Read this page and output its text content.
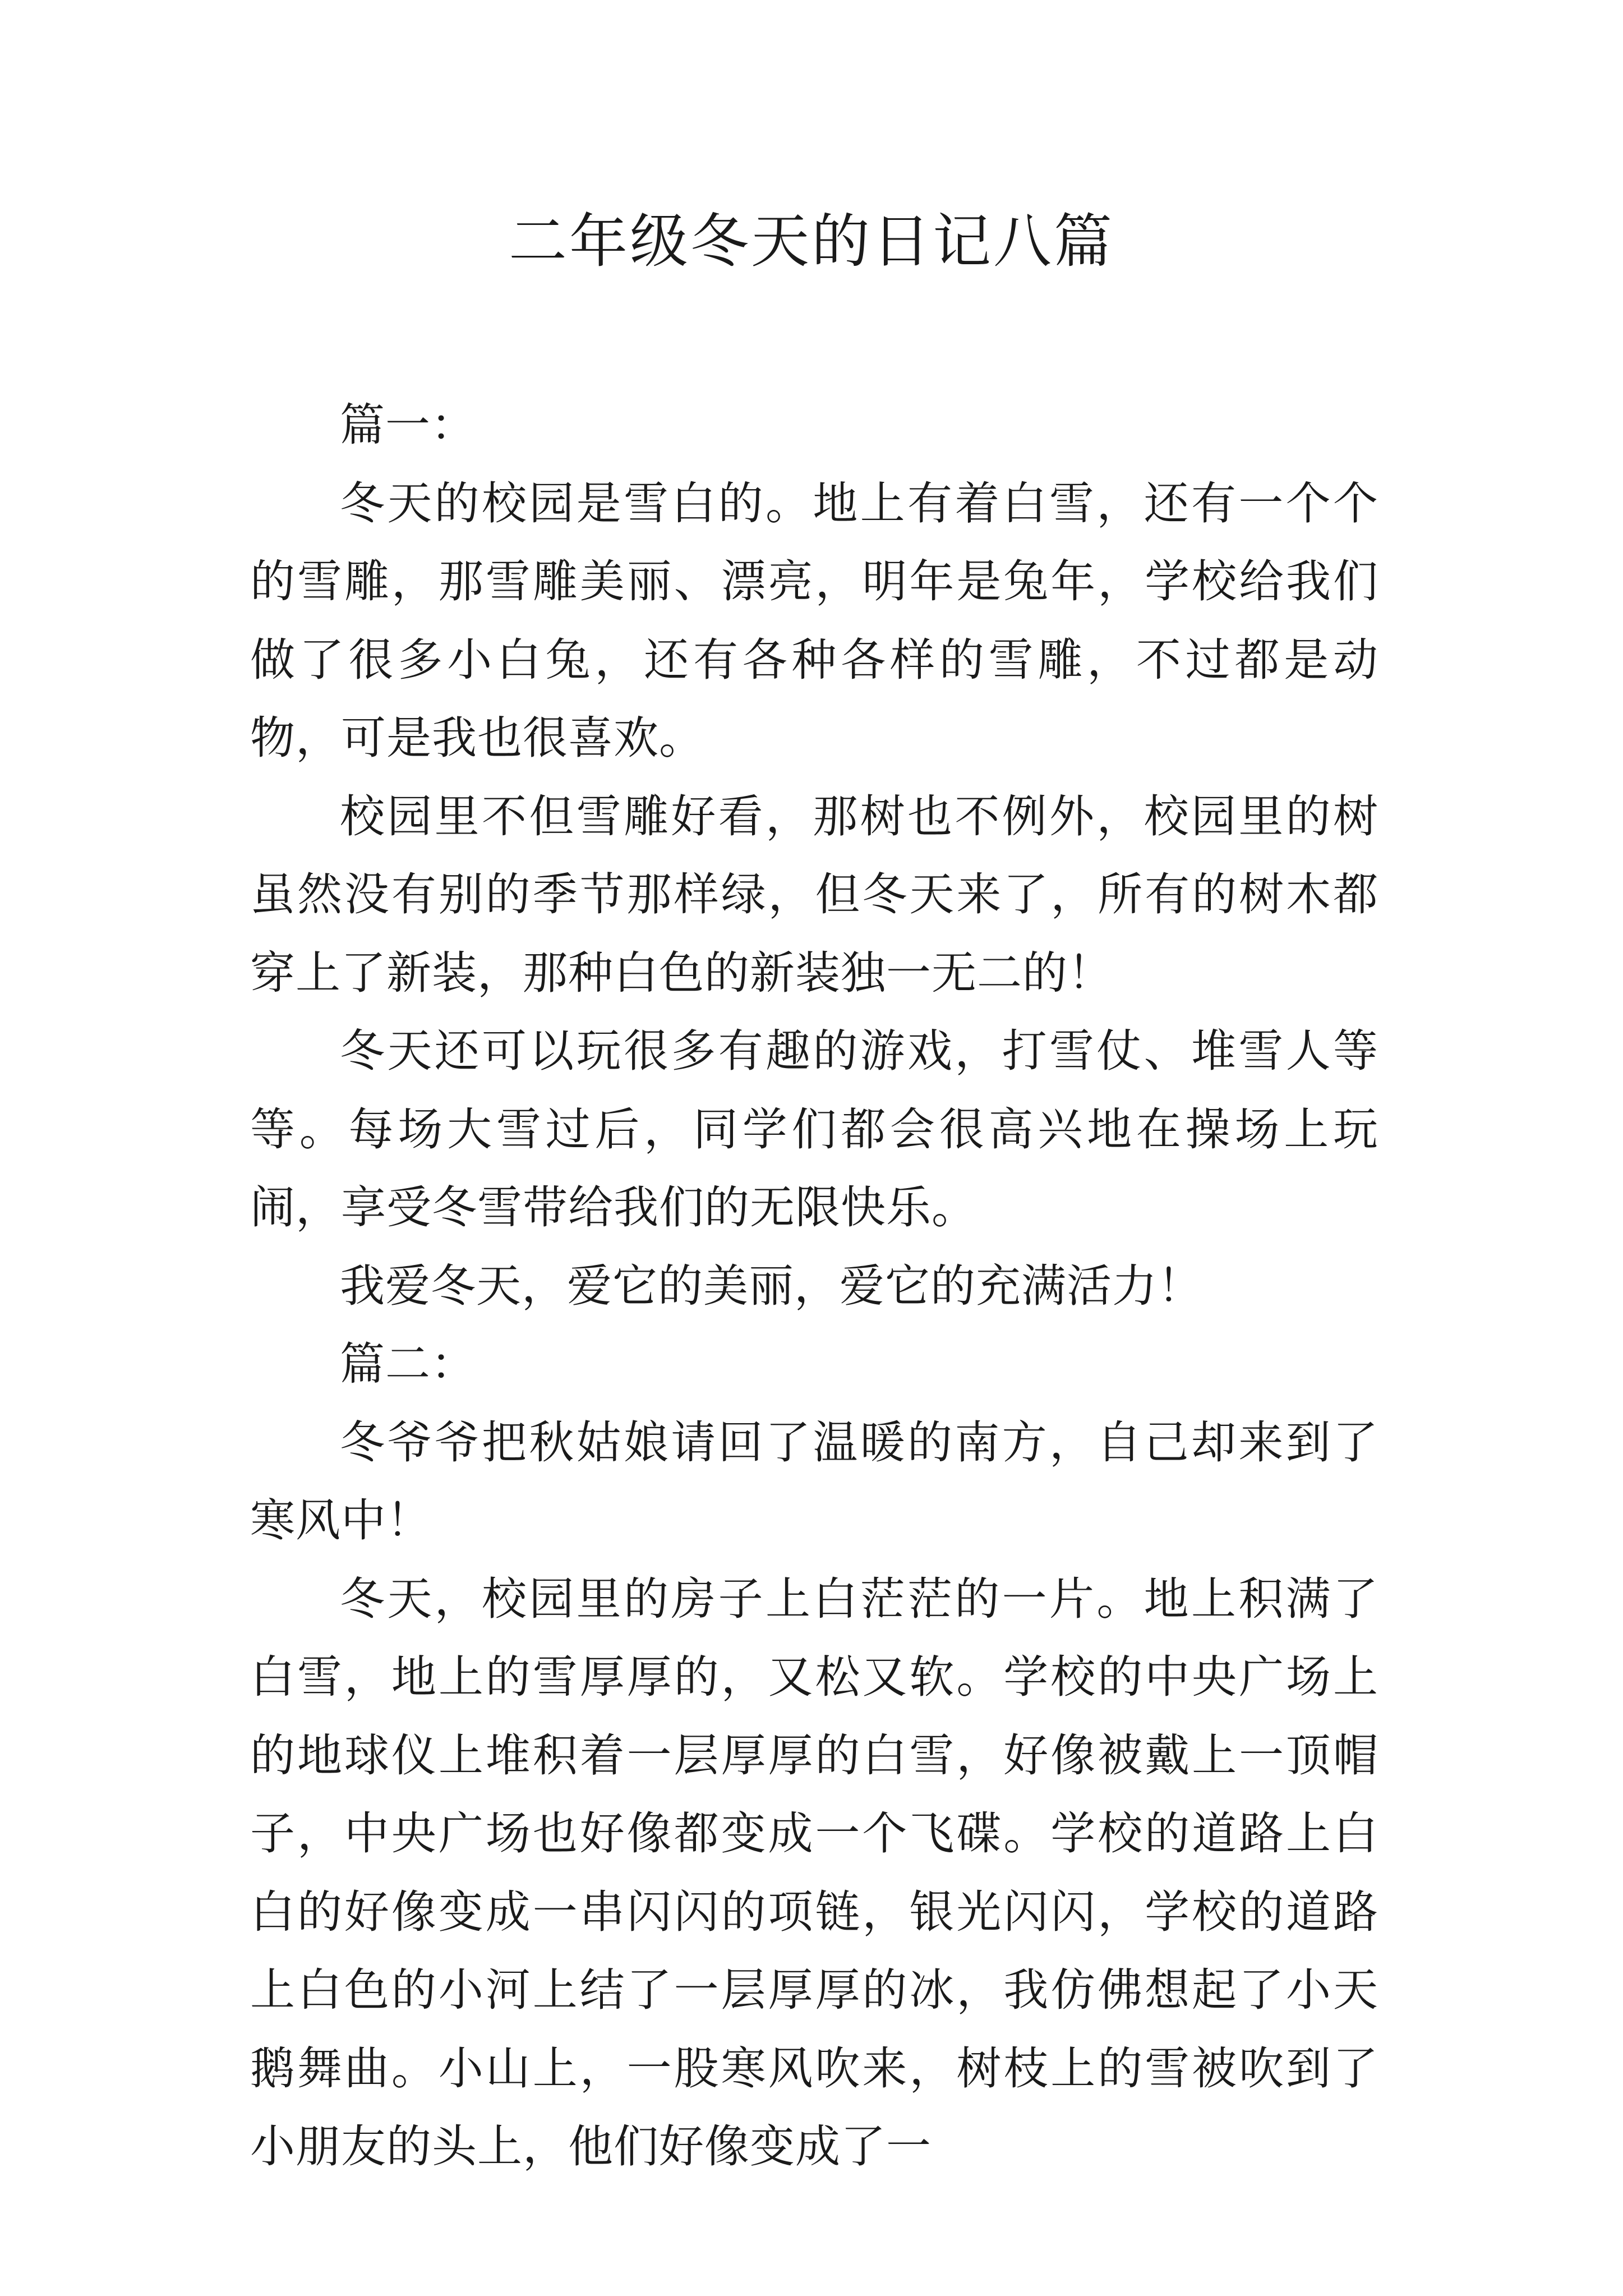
二年级冬天的日记八篇

篇一：

冬天的校园是雪白的。地上有着白雪，还有一个个的雪雕，那雪雕美丽、漂亮，明年是兔年，学校给我们做了很多小白兔，还有各种各样的雪雕，不过都是动物，可是我也很喜欢。

校园里不但雪雕好看，那树也不例外，校园里的树虽然没有别的季节那样绿，但冬天来了，所有的树木都穿上了新装，那种白色的新装独一无二的！

冬天还可以玩很多有趣的游戏，打雪仗、堆雪人等等。每场大雪过后，同学们都会很高兴地在操场上玩闹，享受冬雪带给我们的无限快乐。

我爱冬天，爱它的美丽，爱它的充满活力！

篇二：

冬爷爷把秋姑娘请回了温暖的南方，自己却来到了寒风中！

冬天，校园里的房子上白茫茫的一片。地上积满了白雪，地上的雪厚厚的，又松又软。学校的中央广场上的地球仪上堆积着一层厚厚的白雪，好像被戴上一顶帽子，中央广场也好像都变成一个飞碟。学校的道路上白白的好像变成一串闪闪的项链，银光闪闪，学校的道路上白色的小河上结了一层厚厚的冰，我仿佛想起了小天鹅舞曲。小山上，一股寒风吹来，树枝上的雪被吹到了小朋友的头上，他们好像变成了一
